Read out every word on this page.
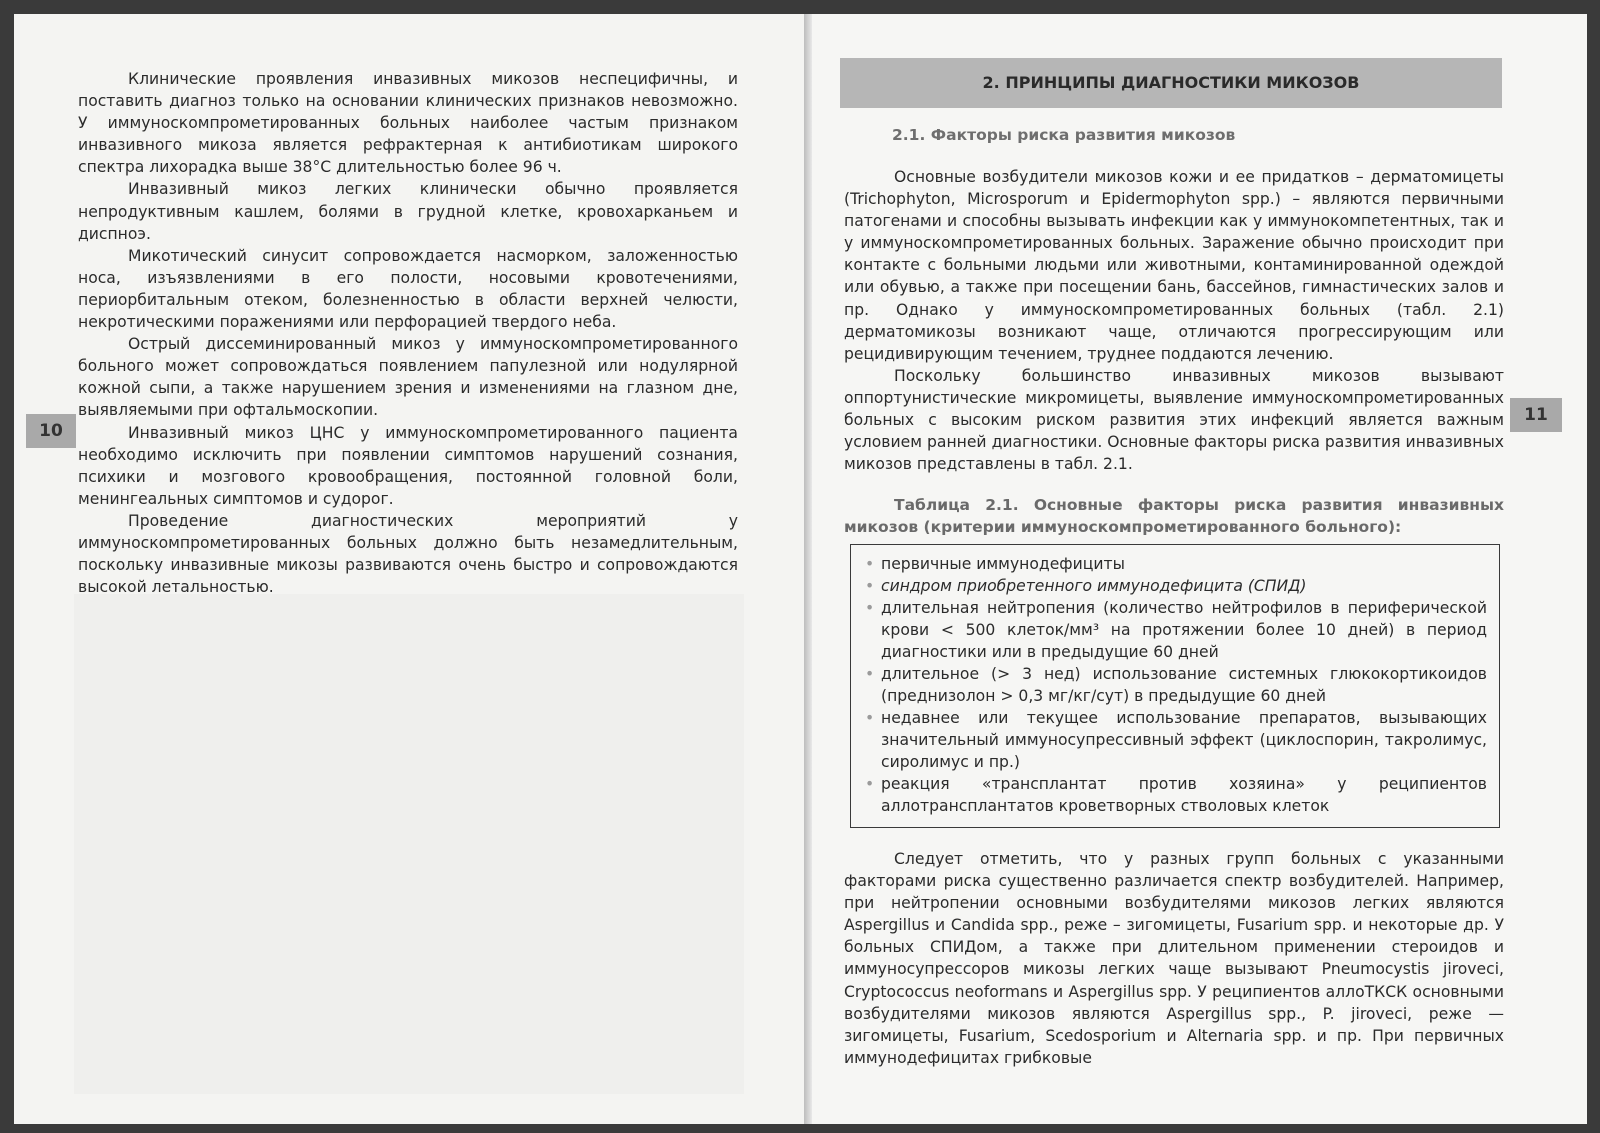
10

Клинические проявления инвазивных микозов неспецифичны, и поставить диагноз только на основании клинических признаков невозможно. У иммуноскомпрометированных больных наиболее частым признаком инвазивного микоза является рефрактерная к антибиотикам широкого спектра лихорадка выше 38°С длительностью более 96 ч.

Инвазивный микоз легких клинически обычно проявляется непродуктивным кашлем, болями в грудной клетке, кровохарканьем и диспноэ.

Микотический синусит сопровождается насморком, заложенностью носа, изъязвлениями в его полости, носовыми кровотечениями, периорбитальным отеком, болезненностью в области верхней челюсти, некротическими поражениями или перфорацией твердого неба.

Острый диссеминированный микоз у иммуноскомпрометированного больного может сопровождаться появлением папулезной или нодулярной кожной сыпи, а также нарушением зрения и изменениями на глазном дне, выявляемыми при офтальмоскопии.

Инвазивный микоз ЦНС у иммуноскомпрометированного пациента необходимо исключить при появлении симптомов нарушений сознания, психики и мозгового кровообращения, постоянной головной боли, менингеальных симптомов и судорог.

Проведение диагностических мероприятий у иммуноскомпрометированных больных должно быть незамедлительным, поскольку инвазивные микозы развиваются очень быстро и сопровождаются высокой летальностью.

2. ПРИНЦИПЫ ДИАГНОСТИКИ МИКОЗОВ
2.1. Факторы риска развития микозов

Основные возбудители микозов кожи и ее придатков – дерматомицеты (Trichophyton, Microsporum и Epidermophyton spp.) – являются первичными патогенами и способны вызывать инфекции как у иммунокомпетентных, так и у иммуноскомпрометированных больных. Заражение обычно происходит при контакте с больными людьми или животными, контаминированной одеждой или обувью, а также при посещении бань, бассейнов, гимнастических залов и пр. Однако у иммуноскомпрометированных больных (табл. 2.1) дерматомикозы возникают чаще, отличаются прогрессирующим или рецидивирующим течением, труднее поддаются лечению.

Поскольку большинство инвазивных микозов вызывают оппортунистические микромицеты, выявление иммуноскомпрометированных больных с высоким риском развития этих инфекций является важным условием ранней диагностики. Основные факторы риска развития инвазивных микозов представлены в табл. 2.1.

11
Таблица 2.1. Основные факторы риска развития инвазивных микозов (критерии иммуноскомпрометированного больного):
• первичные иммунодефициты
• синдром приобретенного иммунодефицита (СПИД)
• длительная нейтропения (количество нейтрофилов в периферической крови < 500 клеток/мм³ на протяжении более 10 дней) в период диагностики или в предыдущие 60 дней
• длительное (> 3 нед) использование системных глюкокортикоидов (преднизолон > 0,3 мг/кг/сут) в предыдущие 60 дней
• недавнее или текущее использование препаратов, вызывающих значительный иммуносупрессивный эффект (циклоспорин, такролимус, сиролимус и пр.)
• реакция «трансплантат против хозяина» у реципиентов аллотрансплантатов кроветворных стволовых клеток

Следует отметить, что у разных групп больных с указанными факторами риска существенно различается спектр возбудителей. Например, при нейтропении основными возбудителями микозов легких являются Aspergillus и Candida spp., реже – зигомицеты, Fusarium spp. и некоторые др. У больных СПИДом, а также при длительном применении стероидов и иммуносупрессоров микозы легких чаще вызывают Pneumocystis jiroveci, Cryptococcus neoformans и Aspergillus spp. У реципиентов аллоТКСК основными возбудителями микозов являются Aspergillus spp., P. jiroveci, реже — зигомицеты, Fusarium, Scedosporium и Alternaria spp. и пр. При первичных иммунодефицитах грибковые
